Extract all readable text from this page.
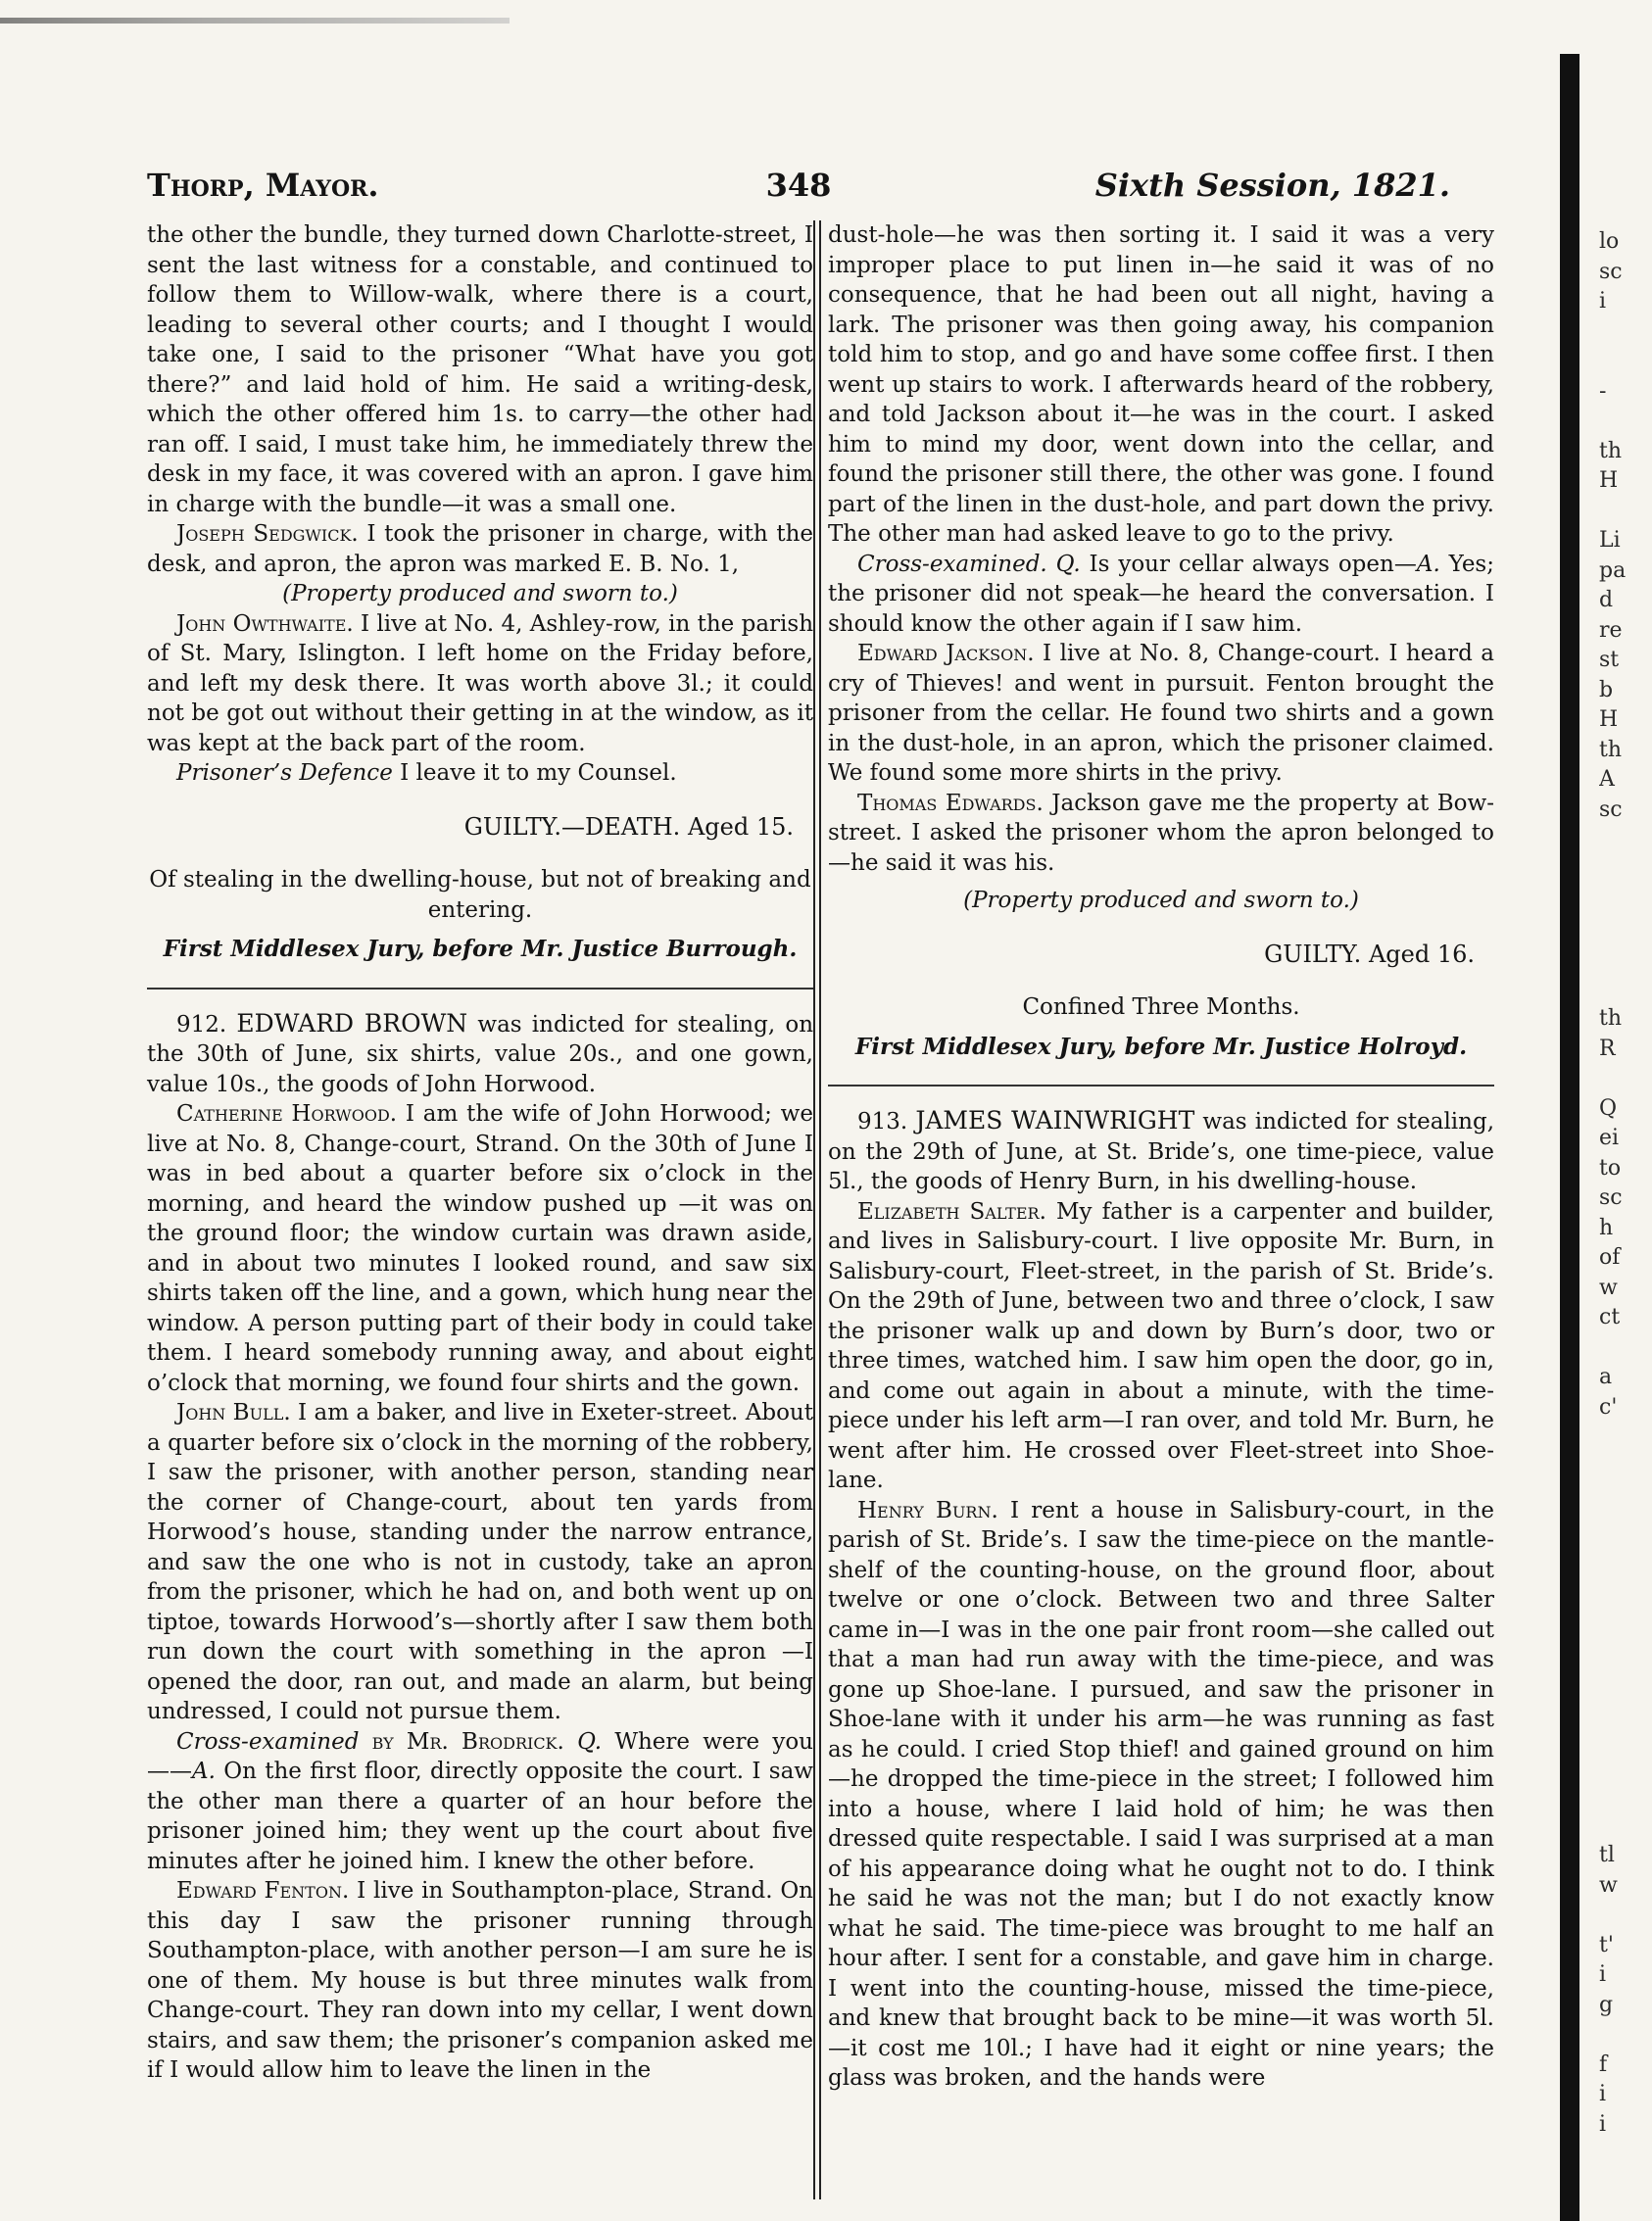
Thorp, Mayor.	348	Sixth Session, 1821.

the other the bundle, they turned down Charlotte-street, I sent the last witness for a constable, and continued to follow them to Willow-walk, where there is a court, leading to several other courts; and I thought I would take one, I said to the prisoner “What have you got there?” and laid hold of him. He said a writing-desk, which the other offered him 1s. to carry—the other had ran off. I said, I must take him, he immediately threw the desk in my face, it was covered with an apron. I gave him in charge with the bundle—it was a small one.

Joseph Sedgwick. I took the prisoner in charge, with the desk, and apron, the apron was marked E. B. No. 1,

(Property produced and sworn to.)

John Owthwaite. I live at No. 4, Ashley-row, in the parish of St. Mary, Islington. I left home on the Friday before, and left my desk there. It was worth above 3l.; it could not be got out without their getting in at the window, as it was kept at the back part of the room.

Prisoner’s Defence I leave it to my Counsel.

GUILTY.—DEATH. Aged 15.

Of stealing in the dwelling-house, but not of breaking and entering.

First Middlesex Jury, before Mr. Justice Burrough.

912. EDWARD BROWN was indicted for stealing, on the 30th of June, six shirts, value 20s., and one gown, value 10s., the goods of John Horwood.

Catherine Horwood. I am the wife of John Horwood; we live at No. 8, Change-court, Strand. On the 30th of June I was in bed about a quarter before six o’clock in the morning, and heard the window pushed up —it was on the ground floor; the window curtain was drawn aside, and in about two minutes I looked round, and saw six shirts taken off the line, and a gown, which hung near the window. A person putting part of their body in could take them. I heard somebody running away, and about eight o’clock that morning, we found four shirts and the gown.

John Bull. I am a baker, and live in Exeter-street. About a quarter before six o’clock in the morning of the robbery, I saw the prisoner, with another person, standing near the corner of Change-court, about ten yards from Horwood’s house, standing under the narrow entrance, and saw the one who is not in custody, take an apron from the prisoner, which he had on, and both went up on tiptoe, towards Horwood’s—shortly after I saw them both run down the court with something in the apron —I opened the door, ran out, and made an alarm, but being undressed, I could not pursue them.

Cross-examined by Mr. Brodrick. Q. Where were you——A. On the first floor, directly opposite the court. I saw the other man there a quarter of an hour before the prisoner joined him; they went up the court about five minutes after he joined him. I knew the other before.

Edward Fenton. I live in Southampton-place, Strand. On this day I saw the prisoner running through Southampton-place, with another person—I am sure he is one of them. My house is but three minutes walk from Change-court. They ran down into my cellar, I went down stairs, and saw them; the prisoner’s companion asked me if I would allow him to leave the linen in the

dust-hole—he was then sorting it. I said it was a very improper place to put linen in—he said it was of no consequence, that he had been out all night, having a lark. The prisoner was then going away, his companion told him to stop, and go and have some coffee first. I then went up stairs to work. I afterwards heard of the robbery, and told Jackson about it—he was in the court. I asked him to mind my door, went down into the cellar, and found the prisoner still there, the other was gone. I found part of the linen in the dust-hole, and part down the privy. The other man had asked leave to go to the privy.

Cross-examined. Q. Is your cellar always open—A. Yes; the prisoner did not speak—he heard the conversation. I should know the other again if I saw him.

Edward Jackson. I live at No. 8, Change-court. I heard a cry of Thieves! and went in pursuit. Fenton brought the prisoner from the cellar. He found two shirts and a gown in the dust-hole, in an apron, which the prisoner claimed. We found some more shirts in the privy.

Thomas Edwards. Jackson gave me the property at Bow-street. I asked the prisoner whom the apron belonged to—he said it was his.

(Property produced and sworn to.)

GUILTY. Aged 16.

Confined Three Months.

First Middlesex Jury, before Mr. Justice Holroyd.

913. JAMES WAINWRIGHT was indicted for stealing, on the 29th of June, at St. Bride’s, one time-piece, value 5l., the goods of Henry Burn, in his dwelling-house.

Elizabeth Salter. My father is a carpenter and builder, and lives in Salisbury-court. I live opposite Mr. Burn, in Salisbury-court, Fleet-street, in the parish of St. Bride’s. On the 29th of June, between two and three o’clock, I saw the prisoner walk up and down by Burn’s door, two or three times, watched him. I saw him open the door, go in, and come out again in about a minute, with the time-piece under his left arm—I ran over, and told Mr. Burn, he went after him. He crossed over Fleet-street into Shoe-lane.

Henry Burn. I rent a house in Salisbury-court, in the parish of St. Bride’s. I saw the time-piece on the mantle-shelf of the counting-house, on the ground floor, about twelve or one o’clock. Between two and three Salter came in—I was in the one pair front room—she called out that a man had run away with the time-piece, and was gone up Shoe-lane. I pursued, and saw the prisoner in Shoe-lane with it under his arm—he was running as fast as he could. I cried Stop thief! and gained ground on him—he dropped the time-piece in the street; I followed him into a house, where I laid hold of him; he was then dressed quite respectable. I said I was surprised at a man of his appearance doing what he ought not to do. I think he said he was not the man; but I do not exactly know what he said. The time-piece was brought to me half an hour after. I sent for a constable, and gave him in charge. I went into the counting-house, missed the time-piece, and knew that brought back to be mine—it was worth 5l.—it cost me 10l.; I have had it eight or nine years; the glass was broken, and the hands were

lo
sc
i
-
th
H
Li
pa
d
re
st
b
H
th
A
sc
th
R
Q
ei
to
sc
h
of
w
ct
a
c'
tl
w
t'
i
g
f
i
i
